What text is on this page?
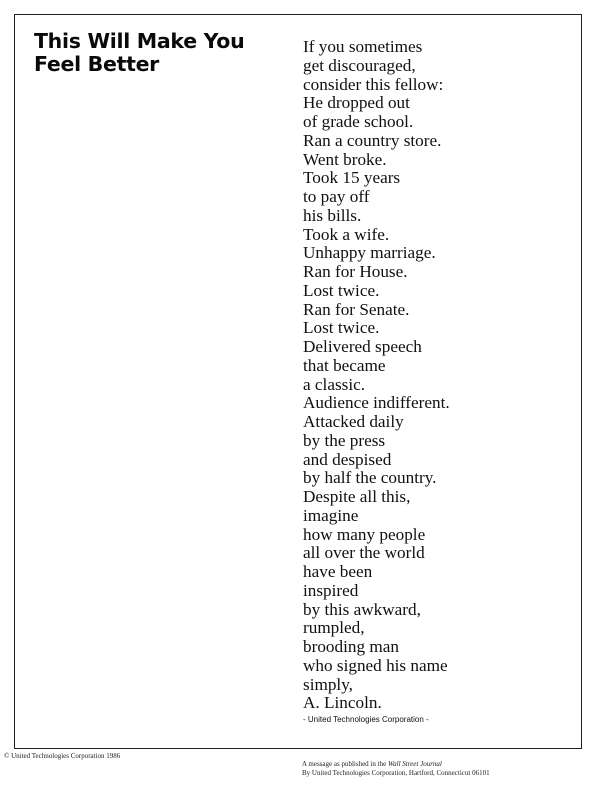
This Will Make You
Feel Better
If you sometimes
get discouraged,
consider this fellow:
He dropped out
of grade school.
Ran a country store.
Went broke.
Took 15 years
to pay off
his bills.
Took a wife.
Unhappy marriage.
Ran for House.
Lost twice.
Ran for Senate.
Lost twice.
Delivered speech
that became
a classic.
Audience indifferent.
Attacked daily
by the press
and despised
by half the country.
Despite all this,
imagine
how many people
all over the world
have been
inspired
by this awkward,
rumpled,
brooding man
who signed his name
simply,
A. Lincoln.

- United Technologies Corporation -

© United Technologies Corporation 1986

A message as published in the Wall Street Journal
By United Technologies Corporation, Hartford, Connecticut 06101
